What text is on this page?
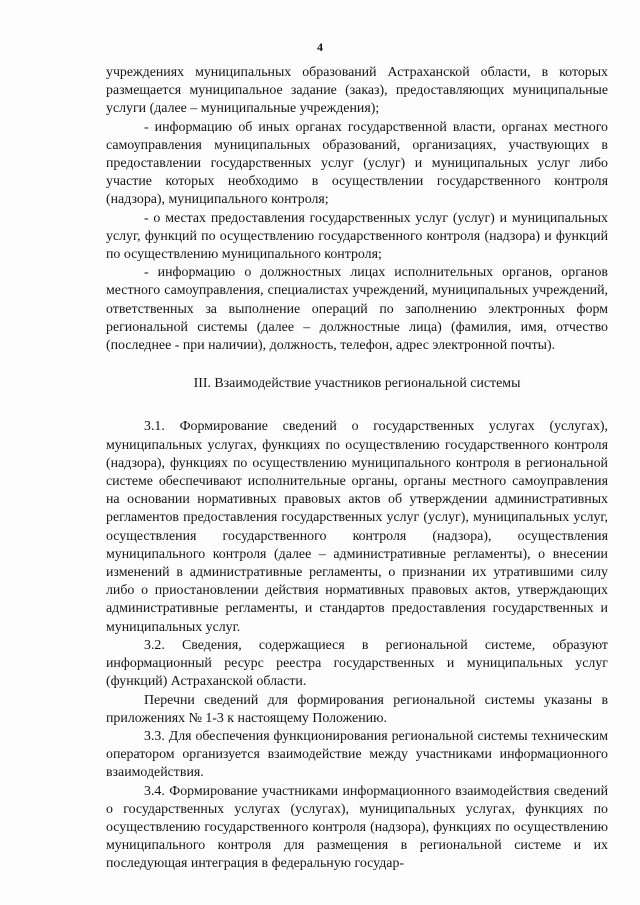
4

учреждениях муниципальных образований Астраханской области, в которых размещается муниципальное задание (заказ), предоставляющих муниципальные услуги (далее – муниципальные учреждения);

- информацию об иных органах государственной власти, органах местного самоуправления муниципальных образований, организациях, участвующих в предоставлении государственных услуг (услуг) и муниципальных услуг либо участие которых необходимо в осуществлении государственного контроля (надзора), муниципального контроля;

- о местах предоставления государственных услуг (услуг) и муниципальных услуг, функций по осуществлению государственного контроля (надзора) и функций по осуществлению муниципального контроля;

- информацию о должностных лицах исполнительных органов, органов местного самоуправления, специалистах учреждений, муниципальных учреждений, ответственных за выполнение операций по заполнению электронных форм региональной системы (далее – должностные лица) (фамилия, имя, отчество (последнее - при наличии), должность, телефон, адрес электронной почты).

III. Взаимодействие участников региональной системы

3.1. Формирование сведений о государственных услугах (услугах), муниципальных услугах, функциях по осуществлению государственного контроля (надзора), функциях по осуществлению муниципального контроля в региональной системе обеспечивают исполнительные органы, органы местного самоуправления на основании нормативных правовых актов об утверждении административных регламентов предоставления государственных услуг (услуг), муниципальных услуг, осуществления государственного контроля (надзора), осуществления муниципального контроля (далее – административные регламенты), о внесении изменений в административные регламенты, о признании их утратившими силу либо о приостановлении действия нормативных правовых актов, утверждающих административные регламенты, и стандартов предоставления государственных и муниципальных услуг.

3.2. Сведения, содержащиеся в региональной системе, образуют информационный ресурс реестра государственных и муниципальных услуг (функций) Астраханской области.

Перечни сведений для формирования региональной системы указаны в приложениях № 1-3 к настоящему Положению.

3.3. Для обеспечения функционирования региональной системы техническим оператором организуется взаимодействие между участниками информационного взаимодействия.

3.4. Формирование участниками информационного взаимодействия сведений о государственных услугах (услугах), муниципальных услугах, функциях по осуществлению государственного контроля (надзора), функциях по осуществлению муниципального контроля для размещения в региональной системе и их последующая интеграция в федеральную государ-
